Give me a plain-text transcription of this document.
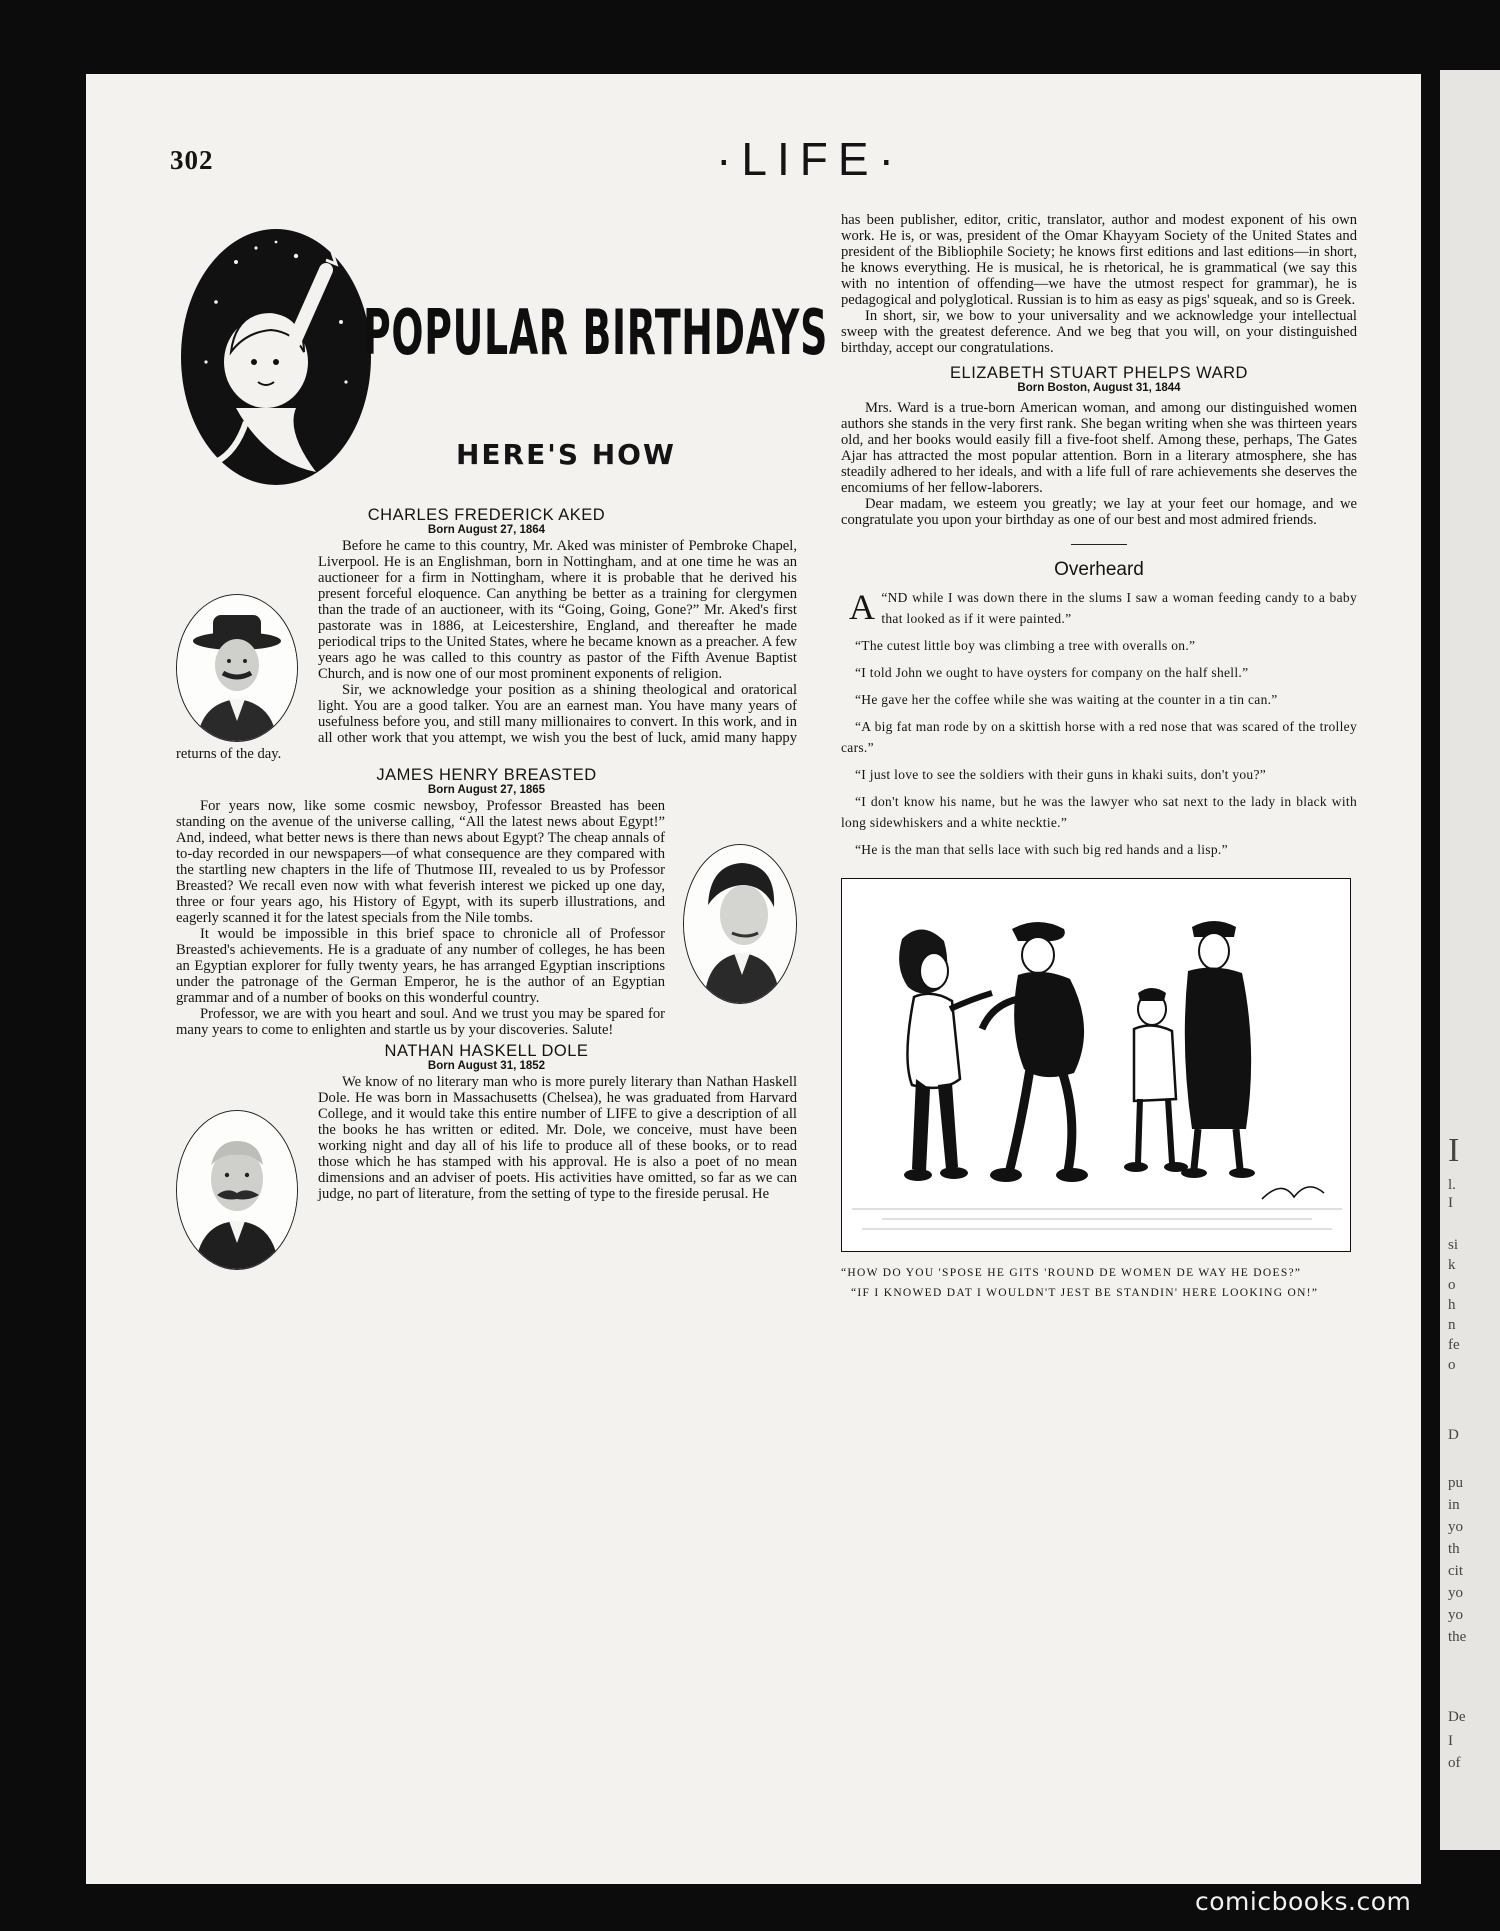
I
l.
I
si
k
o
h
n
fe
o
D
pu
in
yo
th
cit
yo
yo
the
De
I
of
302	·LIFE·
POPULAR BIRTHDAYS
HERE'S HOW
CHARLES FREDERICK AKED
Born August 27, 1864

Before he came to this country, Mr. Aked was minister of Pembroke Chapel, Liverpool. He is an Englishman, born in Nottingham, and at one time he was an auctioneer for a firm in Nottingham, where it is probable that he derived his present forceful eloquence. Can anything be better as a training for clergymen than the trade of an auctioneer, with its “Going, Going, Gone?” Mr. Aked's first pastorate was in 1886, at Leicestershire, England, and thereafter he made periodical trips to the United States, where he became known as a preacher. A few years ago he was called to this country as pastor of the Fifth Avenue Baptist Church, and is now one of our most prominent exponents of religion.

Sir, we acknowledge your position as a shining theological and oratorical light. You are a good talker. You are an earnest man. You have many years of usefulness before you, and still many millionaires to convert. In this work, and in all other work that you attempt, we wish you the best of luck, amid many happy returns of the day.

JAMES HENRY BREASTED
Born August 27, 1865

For years now, like some cosmic newsboy, Professor Breasted has been standing on the avenue of the universe calling, “All the latest news about Egypt!” And, indeed, what better news is there than news about Egypt? The cheap annals of to-day recorded in our newspapers—of what consequence are they compared with the startling new chapters in the life of Thutmose III, revealed to us by Professor Breasted? We recall even now with what feverish interest we picked up one day, three or four years ago, his History of Egypt, with its superb illustrations, and eagerly scanned it for the latest specials from the Nile tombs.

It would be impossible in this brief space to chronicle all of Professor Breasted's achievements. He is a graduate of any number of colleges, he has been an Egyptian explorer for fully twenty years, he has arranged Egyptian inscriptions under the patronage of the German Emperor, he is the author of an Egyptian grammar and of a number of books on this wonderful country.

Professor, we are with you heart and soul. And we trust you may be spared for many years to come to enlighten and startle us by your discoveries. Salute!

NATHAN HASKELL DOLE
Born August 31, 1852

We know of no literary man who is more purely literary than Nathan Haskell Dole. He was born in Massachusetts (Chelsea), he was graduated from Harvard College, and it would take this entire number of LIFE to give a description of all the books he has written or edited. Mr. Dole, we conceive, must have been working night and day all of his life to produce all of these books, or to read those which he has stamped with his approval. He is also a poet of no mean dimensions and an adviser of poets. His activities have omitted, so far as we can judge, no part of literature, from the setting of type to the fireside perusal. He

has been publisher, editor, critic, translator, author and modest exponent of his own work. He is, or was, president of the Omar Khayyam Society of the United States and president of the Bibliophile Society; he knows first editions and last editions—in short, he knows everything. He is musical, he is rhetorical, he is grammatical (we say this with no intention of offending—we have the utmost respect for grammar), he is pedagogical and polyglotical. Russian is to him as easy as pigs' squeak, and so is Greek.

In short, sir, we bow to your universality and we acknowledge your intellectual sweep with the greatest deference. And we beg that you will, on your distinguished birthday, accept our congratulations.

ELIZABETH STUART PHELPS WARD
Born Boston, August 31, 1844

Mrs. Ward is a true-born American woman, and among our distinguished women authors she stands in the very first rank. She began writing when she was thirteen years old, and her books would easily fill a five-foot shelf. Among these, perhaps, The Gates Ajar has attracted the most popular attention. Born in a literary atmosphere, she has steadily adhered to her ideals, and with a life full of rare achievements she deserves the encomiums of her fellow-laborers.

Dear madam, we esteem you greatly; we lay at your feet our homage, and we congratulate you upon your birthday as one of our best and most admired friends.

Overheard

“
A ND while I was down there in the slums I saw a woman feeding candy to a baby that looked as if it were painted.”

“The cutest little boy was climbing a tree with overalls on.”

“I told John we ought to have oysters for company on the half shell.”

“He gave her the coffee while she was waiting at the counter in a tin can.”

“A big fat man rode by on a skittish horse with a red nose that was scared of the trolley cars.”

“I just love to see the soldiers with their guns in khaki suits, don't you?”

“I don't know his name, but he was the lawyer who sat next to the lady in black with long sidewhiskers and a white necktie.”

“He is the man that sells lace with such big red hands and a lisp.”

“HOW DO YOU 'SPOSE HE GITS 'ROUND DE WOMEN DE WAY HE DOES?”

“IF I KNOWED DAT I WOULDN'T JEST BE STANDIN' HERE LOOKING ON!”

comicbooks.com
